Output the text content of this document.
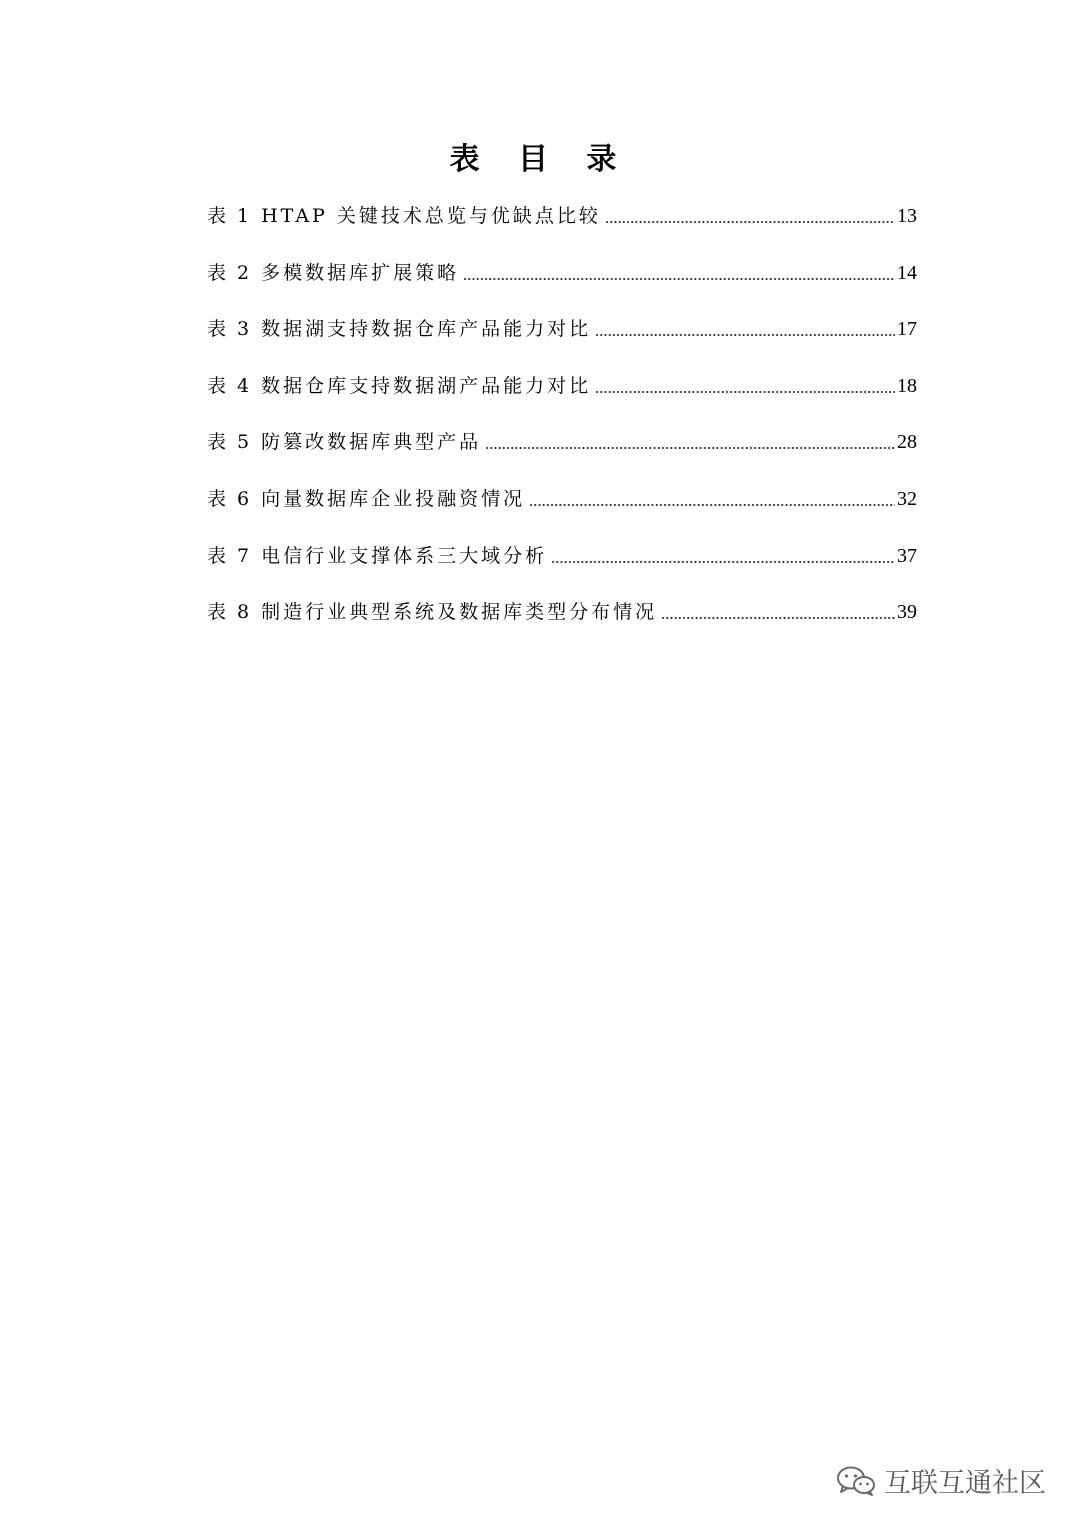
表 目 录
表 1 HTAP 关键技术总览与优缺点比较	13
表 2 多模数据库扩展策略	14
表 3 数据湖支持数据仓库产品能力对比	17
表 4 数据仓库支持数据湖产品能力对比	18
表 5 防篡改数据库典型产品	28
表 6 向量数据库企业投融资情况	32
表 7 电信行业支撑体系三大域分析	37
表 8 制造行业典型系统及数据库类型分布情况	39
互联互通社区
